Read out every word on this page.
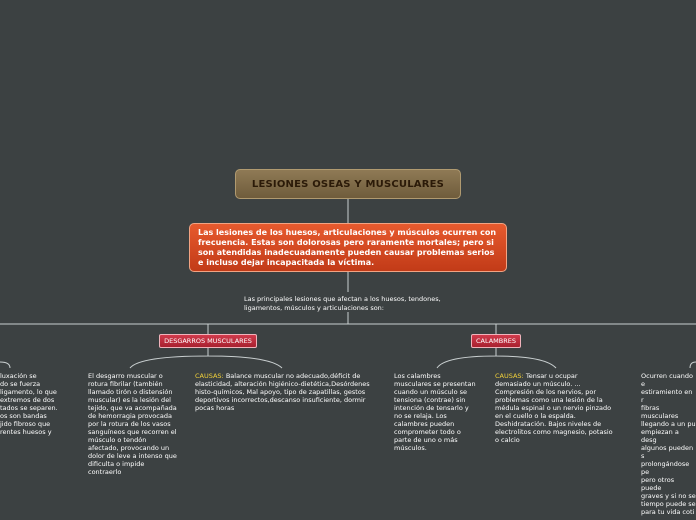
LESIONES OSEAS Y MUSCULARES
Las lesiones de los huesos, articulaciones y músculos ocurren con frecuencia. Estas son dolorosas pero raramente mortales; pero si son atendidas inadecuadamente pueden causar problemas serios e incluso dejar incapacitada la víctima.
Las principales lesiones que afectan a los huesos, tendones, ligamentos, músculos y articulaciones son:
DESGARROS MUSCULARES	CALAMBRES
luxación se
do se fuerza
ligamento, lo que
extremos de dos
tados se separen.
os son bandas
jido fibroso que
rentes huesos y
El desgarro muscular o
rotura fibrilar (también
llamado tirón o distensión
muscular) es la lesión del
tejido, que va acompañada
de hemorragia provocada
por la rotura de los vasos
sanguíneos que recorren el
músculo o tendón
afectado, provocando un
dolor de leve a intenso que
dificulta o impide
contraerlo
CAUSAS: Balance muscular no adecuado,déficit de
elasticidad, alteración higiénico-dietética,Desórdenes
histo-químicos, Mal apoyo, tipo de zapatillas, gestos
deportivos incorrectos,descanso insuficiente, dormir
pocas horas
Los calambres
musculares se presentan
cuando un músculo se
tensiona (contrae) sin
intención de tensarlo y
no se relaja. Los
calambres pueden
comprometer todo o
parte de uno o más
músculos.
CAUSAS: Tensar u ocupar
demasiado un músculo. ...
Compresión de los nervios, por
problemas como una lesión de la
médula espinal o un nervio pinzado
en el cuello o la espalda.
Deshidratación. Bajos niveles de
electrolitos como magnesio, potasio
o calcio
Ocurren cuando e
estiramiento en r
fibras musculares
llegando a un pu
empiezan a desg
algunos pueden s
prolongándose pe
pero otros puede
graves y si no se
tiempo puede se
para tu vida coti
